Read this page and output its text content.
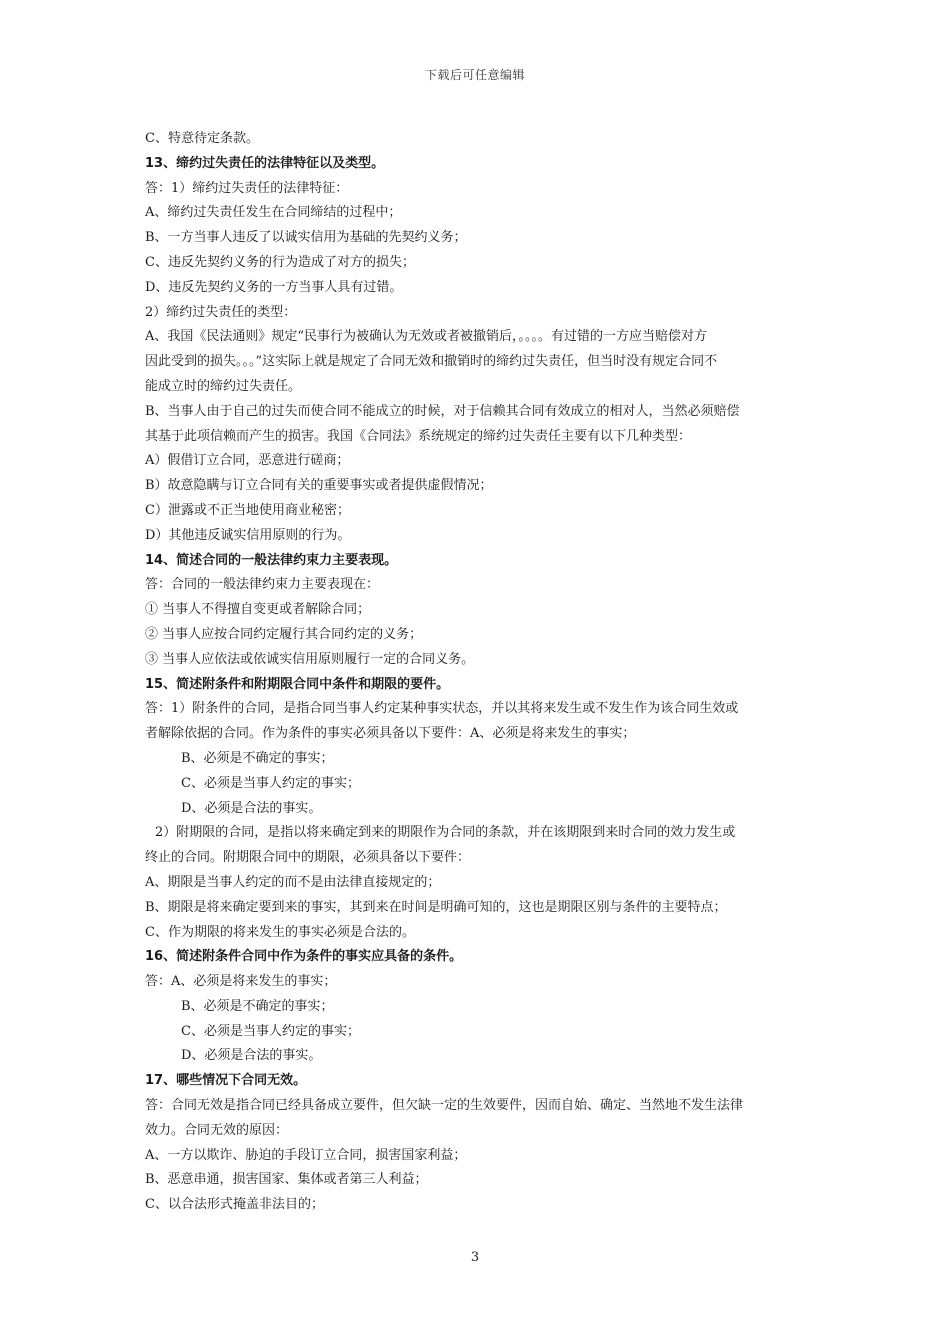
下载后可任意编辑
C、特意待定条款。
13、缔约过失责任的法律特征以及类型。
答：1）缔约过失责任的法律特征：
A、缔约过失责任发生在合同缔结的过程中；
B、一方当事人违反了以诚实信用为基础的先契约义务；
C、违反先契约义务的行为造成了对方的损失；
D、违反先契约义务的一方当事人具有过错。
2）缔约过失责任的类型：
A、我国《民法通则》规定“民事行为被确认为无效或者被撤销后，。。。。有过错的一方应当赔偿对方
因此受到的损失。。。”这实际上就是规定了合同无效和撤销时的缔约过失责任，但当时没有规定合同不
能成立时的缔约过失责任。
B、当事人由于自己的过失而使合同不能成立的时候，对于信赖其合同有效成立的相对人，当然必须赔偿
其基于此项信赖而产生的损害。我国《合同法》系统规定的缔约过失责任主要有以下几种类型：
A）假借订立合同，恶意进行磋商；
B）故意隐瞒与订立合同有关的重要事实或者提供虚假情况；
C）泄露或不正当地使用商业秘密；
D）其他违反诚实信用原则的行为。
14、简述合同的一般法律约束力主要表现。
答：合同的一般法律约束力主要表现在：
① 当事人不得擅自变更或者解除合同；
② 当事人应按合同约定履行其合同约定的义务；
③ 当事人应依法或依诚实信用原则履行一定的合同义务。
15、简述附条件和附期限合同中条件和期限的要件。
答：1）附条件的合同，是指合同当事人约定某种事实状态，并以其将来发生或不发生作为该合同生效或
者解除依据的合同。作为条件的事实必须具备以下要件：A、必须是将来发生的事实；
B、必须是不确定的事实；
C、必须是当事人约定的事实；
D、必须是合法的事实。
2）附期限的合同，是指以将来确定到来的期限作为合同的条款，并在该期限到来时合同的效力发生或
终止的合同。附期限合同中的期限，必须具备以下要件：
A、期限是当事人约定的而不是由法律直接规定的；
B、期限是将来确定要到来的事实，其到来在时间是明确可知的，这也是期限区别与条件的主要特点；
C、作为期限的将来发生的事实必须是合法的。
16、简述附条件合同中作为条件的事实应具备的条件。
答：A、必须是将来发生的事实；
B、必须是不确定的事实；
C、必须是当事人约定的事实；
D、必须是合法的事实。
17、哪些情况下合同无效。
答：合同无效是指合同已经具备成立要件，但欠缺一定的生效要件，因而自始、确定、当然地不发生法律
效力。合同无效的原因：
A、一方以欺诈、胁迫的手段订立合同，损害国家利益；
B、恶意串通，损害国家、集体或者第三人利益；
C、以合法形式掩盖非法目的；
3
